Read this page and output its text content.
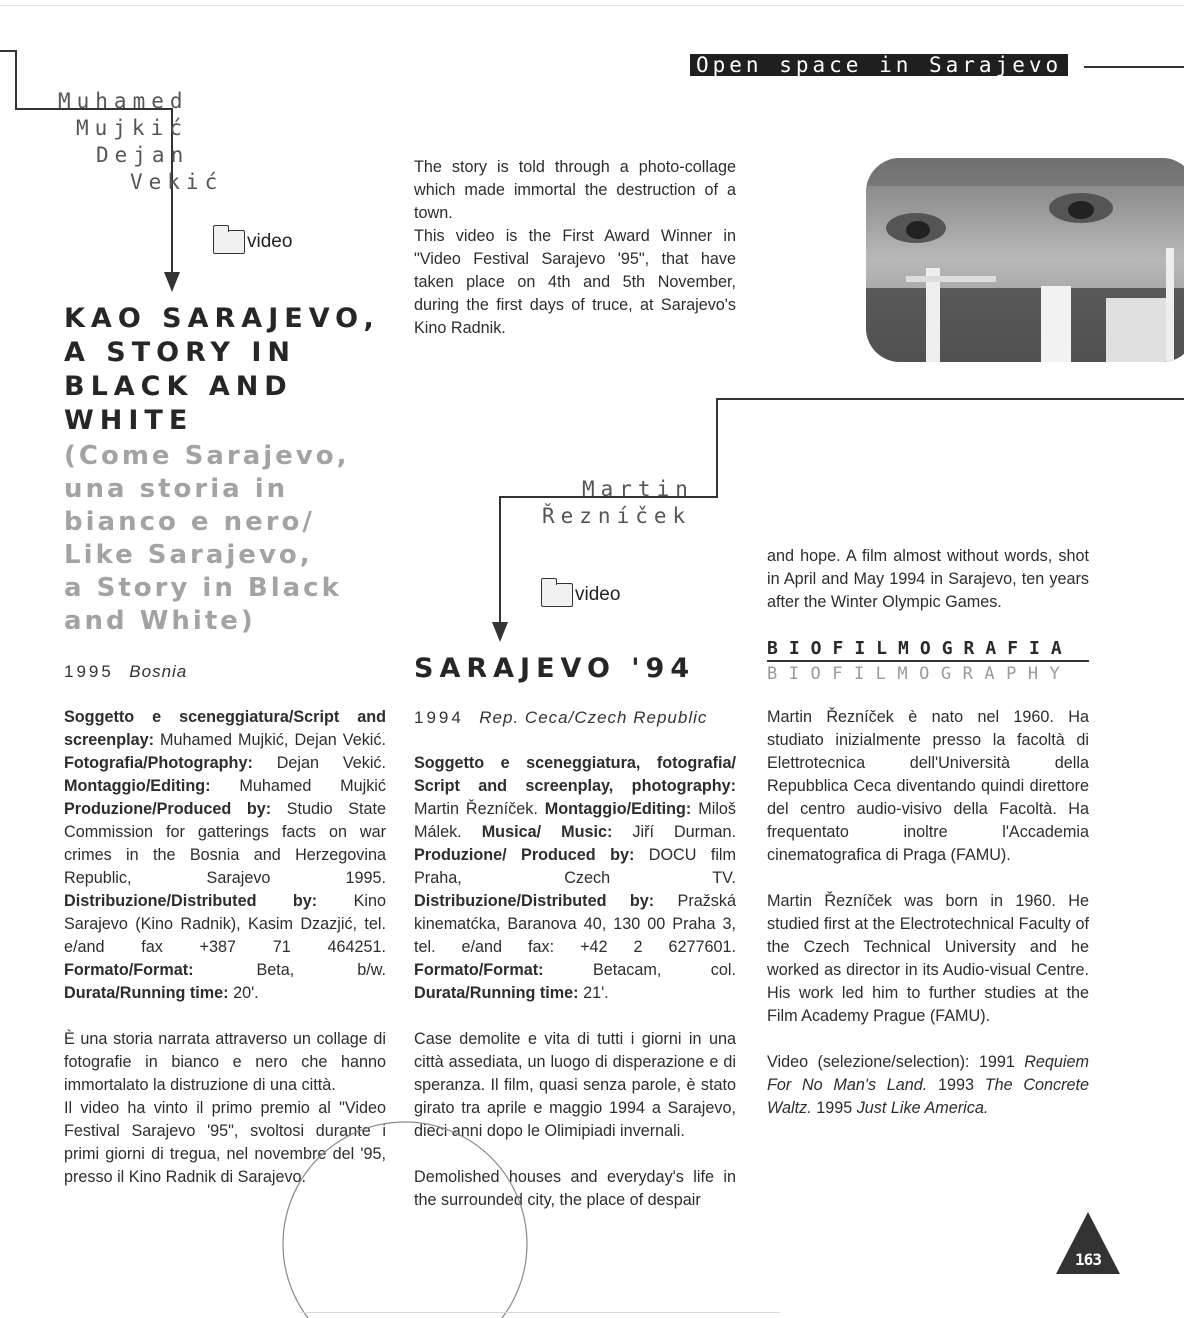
Open space in Sarajevo
Muhamed
Mujkić
Dejan
Vekić
video
KAO SARAJEVO,
A STORY IN
BLACK AND
WHITE
(Come Sarajevo,
una storia in
bianco e nero/
Like Sarajevo,
a Story in Black
and White)
1995 Bosnia

Soggetto e sceneggiatura/Script and screenplay: Muhamed Mujkić, Dejan Vekić. Fotografia/Photography: Dejan Vekić. Montaggio/Editing: Muhamed Mujkić Produzione/Produced by: Studio State Commission for gatterings facts on war crimes in the Bosnia and Herzegovina Republic, Sarajevo 1995. Distribuzione/Distributed by: Kino Sarajevo (Kino Radnik), Kasim Dzazjić, tel. e/and fax +387 71 464251. Formato/Format:	Beta, b/w. Durata/Running time: 20'.

È una storia narrata attraverso un collage di fotografie in bianco e nero che hanno immortalato la distruzione di una città.

Il video ha vinto il primo premio al "Video Festival Sarajevo '95", svoltosi durante i primi giorni di tregua, nel novembre del '95, presso il Kino Radnik di Sarajevo.

The story is told through a photo-collage which made immortal the destruction of a town.

This video is the First Award Winner in "Video Festival Sarajevo '95", that have taken place on 4th and 5th November, during the first days of truce, at Sarajevo's Kino Radnik.

Martin
Řezníček
video
SARAJEVO '94
1994 Rep. Ceca/Czech Republic

Soggetto e sceneggiatura, fotografia/ Script and screenplay, photography: Martin Řezníček. Montaggio/Editing: Miloš Málek. Musica/ Music: Jiří Durman. Produzione/ Produced by: DOCU film Praha, Czech TV. Distribuzione/Distributed by: Pražská kinematćka, Baranova 40, 130 00 Praha 3, tel. e/and fax: +42 2 6277601. Formato/Format:	Betacam, col. Durata/Running time: 21'.

Case demolite e vita di tutti i giorni in una città assediata, un luogo di disperazione e di speranza. Il film, quasi senza parole, è stato girato tra aprile e maggio 1994 a Sarajevo, dieci anni dopo le Olimipiadi invernali.

Demolished houses and everyday's life in the surrounded city, the place of despair

and hope. A film almost without words, shot in April and May 1994 in Sarajevo, ten years after the Winter Olympic Games.

BIOFILMOGRAFIA
BIOFILMOGRAPHY

Martin Řezníček è nato nel 1960. Ha studiato inizialmente presso la facoltà di Elettrotecnica dell'Università della Repubblica Ceca diventando quindi direttore del centro audio-visivo della Facoltà. Ha frequentato inoltre l'Accademia cinematografica di Praga (FAMU).

Martin Řezníček was born in 1960. He studied first at the Electrotechnical Faculty of the Czech Technical University and he worked as director in its Audio-visual Centre. His work led him to further studies at the Film Academy Prague (FAMU).

Video (selezione/selection): 1991 Requiem For No Man's Land. 1993 The Concrete Waltz. 1995 Just Like America.

163
